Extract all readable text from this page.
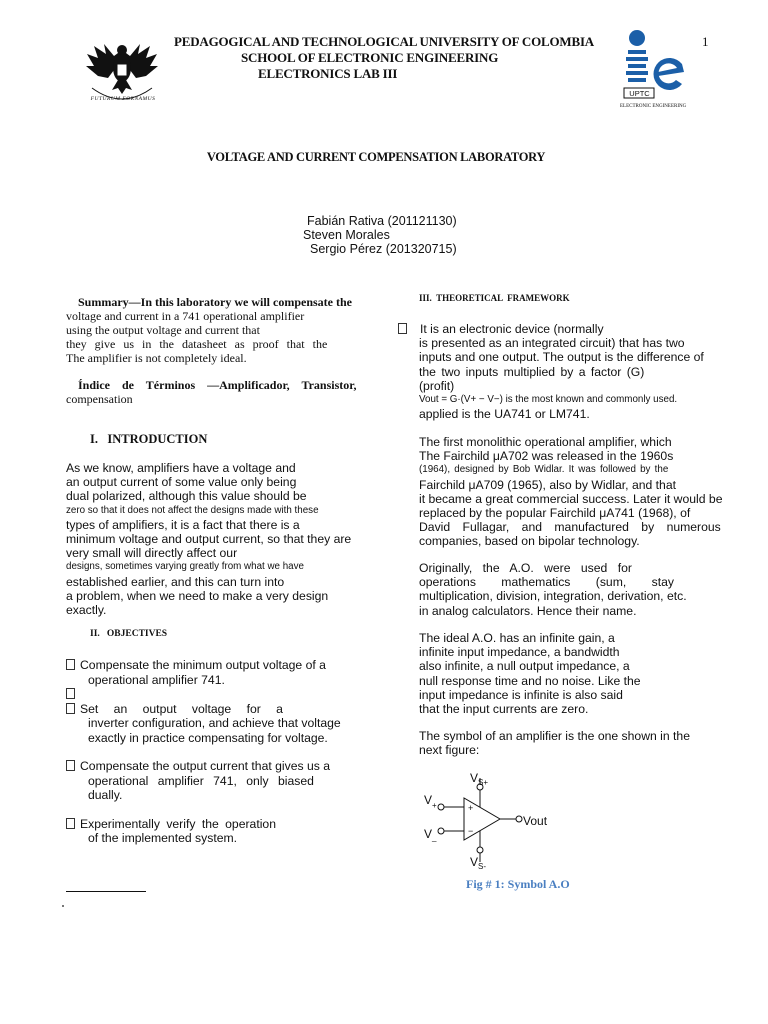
FUTURUM FORNAMUS
PEDAGOGICAL AND TECHNOLOGICAL UNIVERSITY OF COLOMBIA
SCHOOL OF ELECTRONIC ENGINEERING
ELECTRONICS LAB III
1
UPTC
ELECTRONIC ENGINEERING
VOLTAGE AND CURRENT COMPENSATION LABORATORY
Fabián Rativa (201121130)
Steven Morales
Sergio Pérez (201320715)
Summary—In this laboratory we will compensate the
voltage and current in a 741 operational amplifier
using the output voltage and current that
they give us in the datasheet as proof that the
The amplifier is not completely ideal.
Índice de Términos —Amplificador, Transistor,
compensation
I.   INTRODUCTION
As we know, amplifiers have a voltage and
an output current of some value only being
dual polarized, although this value should be
zero so that it does not affect the designs made with these
types of amplifiers, it is a fact that there is a
minimum voltage and output current, so that they are
very small will directly affect our
designs, sometimes varying greatly from what we have
established earlier, and this can turn into
a problem, when we need to make a very design
exactly.
II.   OBJECTIVES
Compensate the minimum output voltage of a
operational amplifier 741.
Set an output voltage for a
inverter configuration, and achieve that voltage
exactly in practice compensating for voltage.
Compensate the output current that gives us a
operational amplifier 741, only biased
dually.
Experimentally verify the operation
of the implemented system.
III.  THEORETICAL  FRAMEWORK
It is an electronic device (normally
is presented as an integrated circuit) that has two
inputs and one output. The output is the difference of
the two inputs multiplied by a factor (G)
(profit)
Vout = G·(V+ − V−) is the most known and commonly used.
applied is the UA741 or LM741.
The first monolithic operational amplifier, which
The Fairchild μA702 was released in the 1960s
(1964), designed by Bob Widlar. It was followed by the
Fairchild μA709 (1965), also by Widlar, and that
it became a great commercial success. Later it would be
replaced by the popular Fairchild μA741 (1968), of
David Fullagar, and manufactured by numerous
companies, based on bipolar technology.
Originally, the A.O. were used for
operations mathematics (sum, stay
multiplication, division, integration, derivation, etc.
in analog calculators. Hence their name.
The ideal A.O. has an infinite gain, a
infinite input impedance, a bandwidth
also infinite, a null output impedance, a
null response time and no noise. Like the
input impedance is infinite is also said
that the input currents are zero.
The symbol of an amplifier is the one shown in the
next figure:
+
−
V S+
V +
V _
Vout
V S-
Fig # 1: Symbol A.O
